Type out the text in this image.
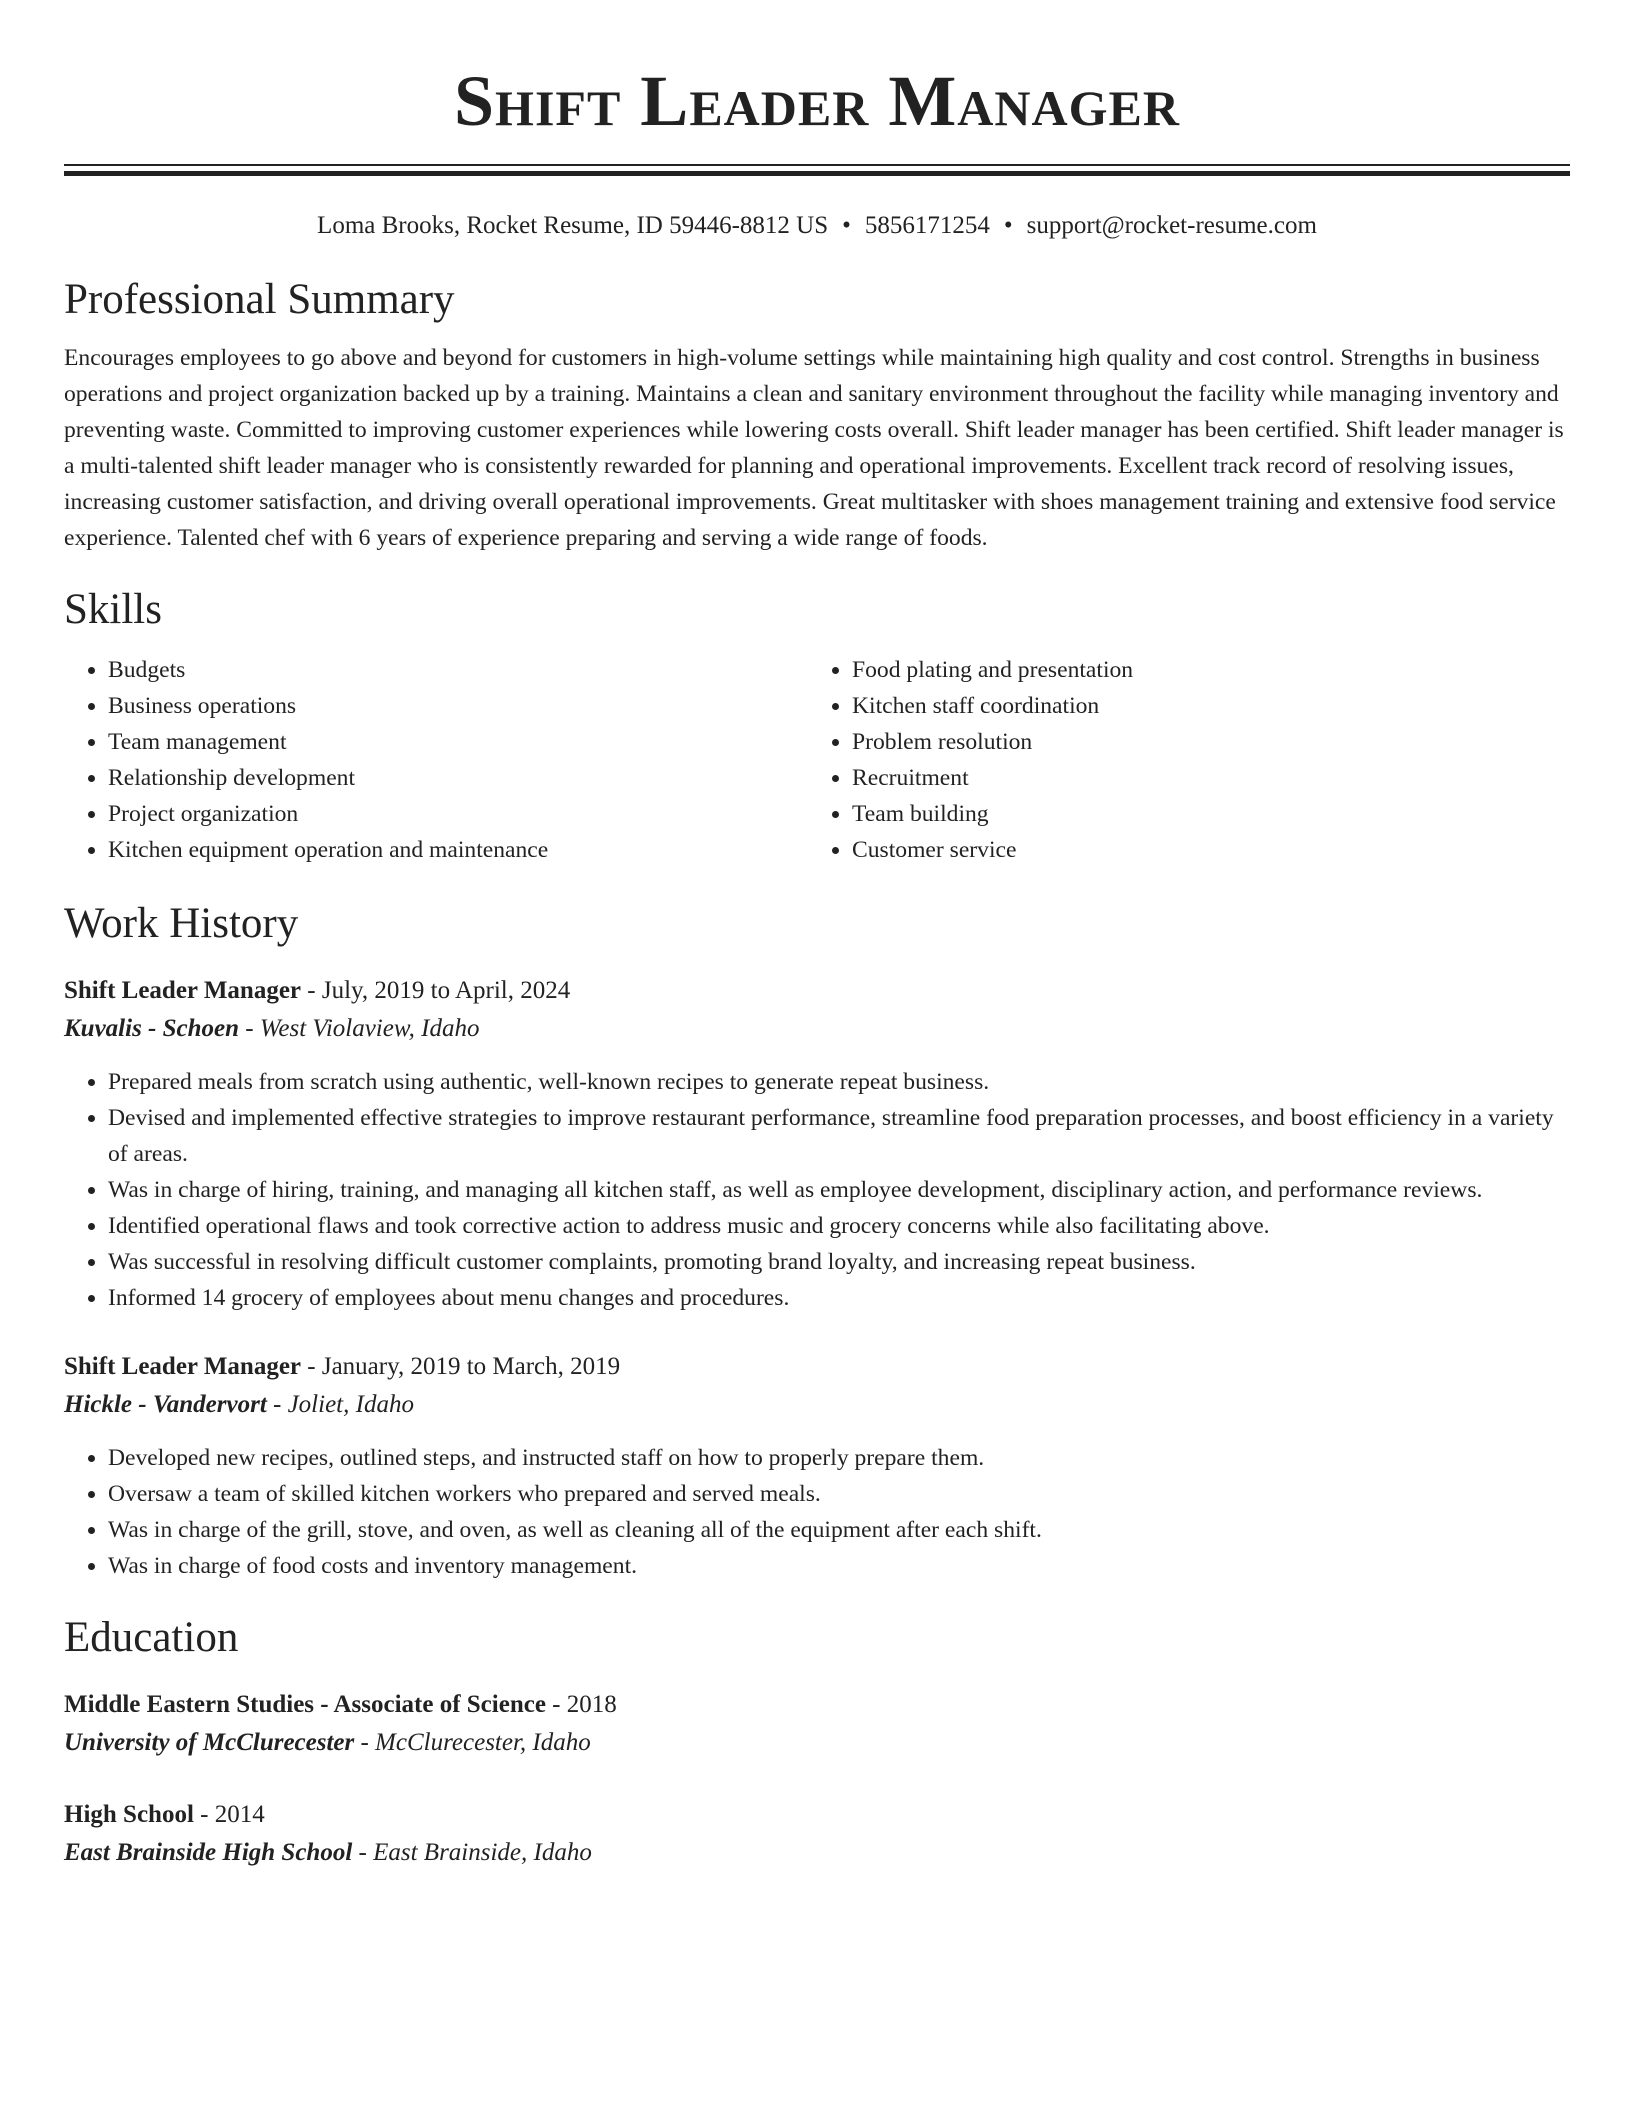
Shift Leader Manager
Loma Brooks, Rocket Resume, ID 59446-8812 US • 5856171254 • support@rocket-resume.com
Professional Summary
Encourages employees to go above and beyond for customers in high-volume settings while maintaining high quality and cost control. Strengths in business operations and project organization backed up by a training. Maintains a clean and sanitary environment throughout the facility while managing inventory and preventing waste. Committed to improving customer experiences while lowering costs overall. Shift leader manager has been certified. Shift leader manager is a multi-talented shift leader manager who is consistently rewarded for planning and operational improvements. Excellent track record of resolving issues, increasing customer satisfaction, and driving overall operational improvements. Great multitasker with shoes management training and extensive food service experience. Talented chef with 6 years of experience preparing and serving a wide range of foods.
Skills
• Budgets
• Business operations
• Team management
• Relationship development
• Project organization
• Kitchen equipment operation and maintenance
• Food plating and presentation
• Kitchen staff coordination
• Problem resolution
• Recruitment
• Team building
• Customer service
Work History
Shift Leader Manager - July, 2019 to April, 2024
Kuvalis - Schoen - West Violaview, Idaho
• Prepared meals from scratch using authentic, well-known recipes to generate repeat business.
• Devised and implemented effective strategies to improve restaurant performance, streamline food preparation processes, and boost efficiency in a variety of areas.
• Was in charge of hiring, training, and managing all kitchen staff, as well as employee development, disciplinary action, and performance reviews.
• Identified operational flaws and took corrective action to address music and grocery concerns while also facilitating above.
• Was successful in resolving difficult customer complaints, promoting brand loyalty, and increasing repeat business.
• Informed 14 grocery of employees about menu changes and procedures.
Shift Leader Manager - January, 2019 to March, 2019
Hickle - Vandervort - Joliet, Idaho
• Developed new recipes, outlined steps, and instructed staff on how to properly prepare them.
• Oversaw a team of skilled kitchen workers who prepared and served meals.
• Was in charge of the grill, stove, and oven, as well as cleaning all of the equipment after each shift.
• Was in charge of food costs and inventory management.
Education
Middle Eastern Studies - Associate of Science - 2018
University of McClurecester - McClurecester, Idaho
High School - 2014
East Brainside High School - East Brainside, Idaho
